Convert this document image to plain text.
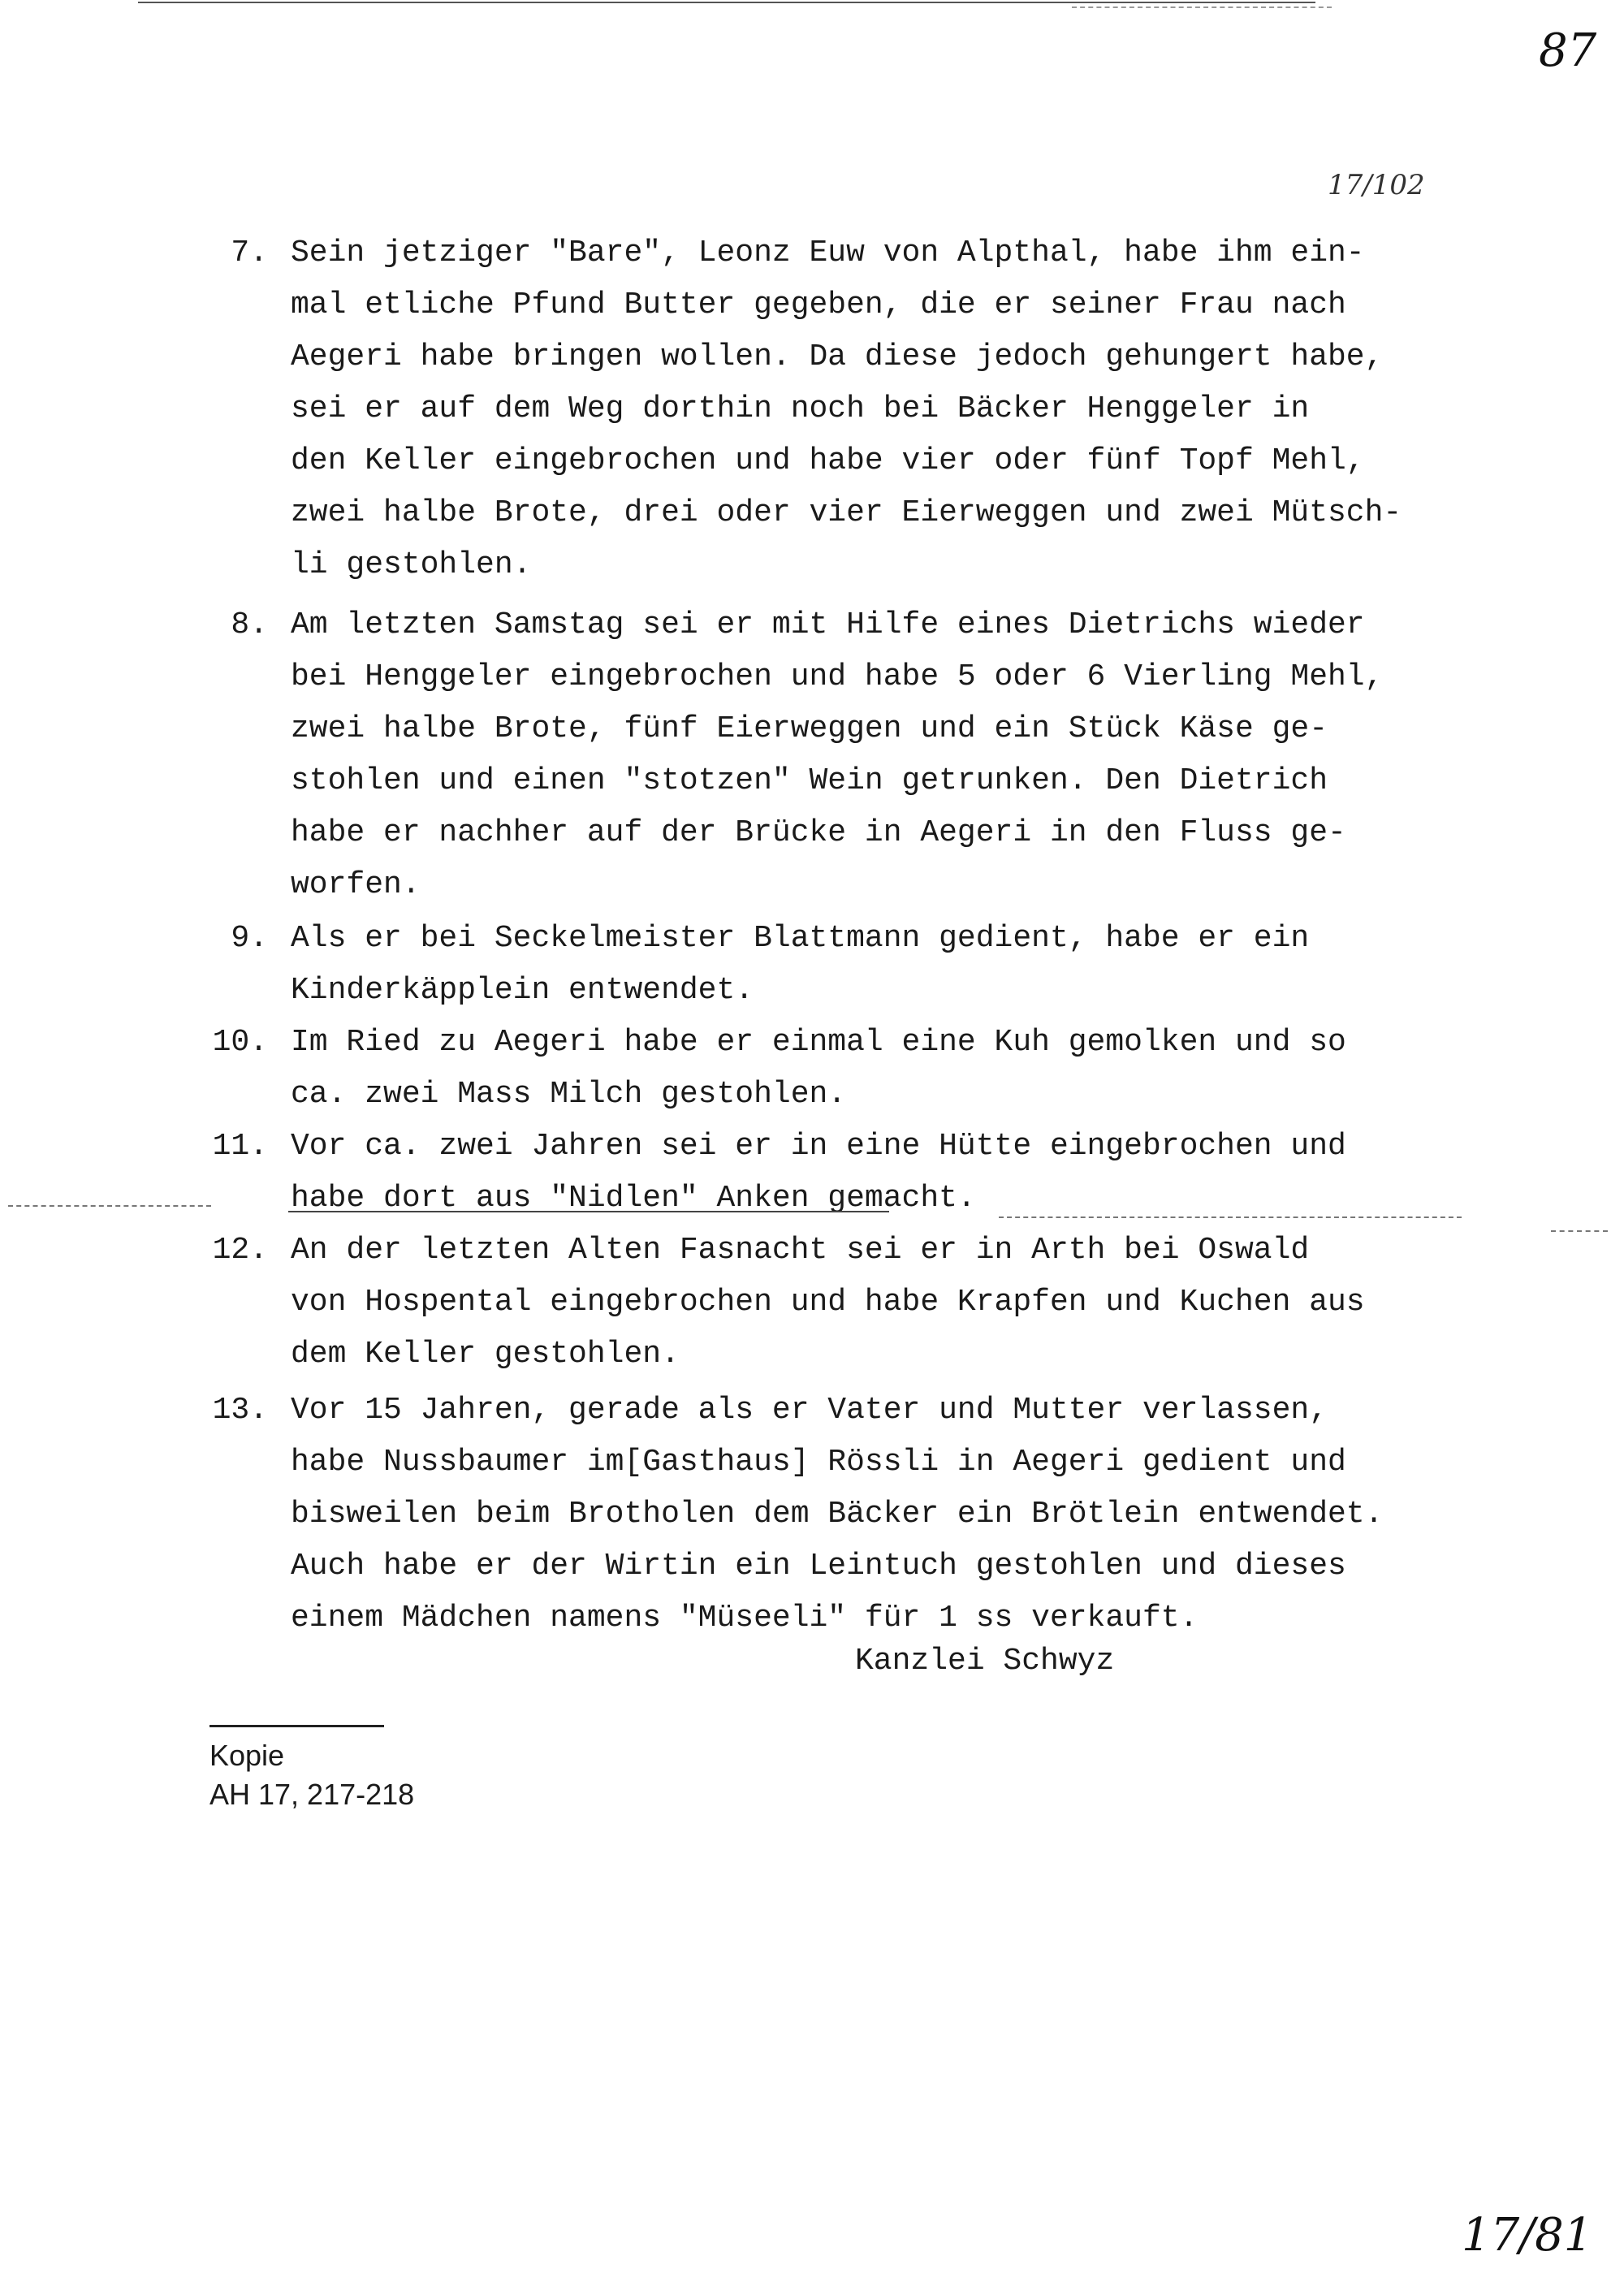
87
17/102
7. Sein jetziger "Bare", Leonz Euw von Alpthal, habe ihm ein-
mal etliche Pfund Butter gegeben, die er seiner Frau nach
Aegeri habe bringen wollen. Da diese jedoch gehungert habe,
sei er auf dem Weg dorthin noch bei Bäcker Henggeler in
den Keller eingebrochen und habe vier oder fünf Topf Mehl,
zwei halbe Brote, drei oder vier Eierweggen und zwei Mütsch-
li gestohlen.
8. Am letzten Samstag sei er mit Hilfe eines Dietrichs wieder
bei Henggeler eingebrochen und habe 5 oder 6 Vierling Mehl,
zwei halbe Brote, fünf Eierweggen und ein Stück Käse ge-
stohlen und einen "stotzen" Wein getrunken. Den Dietrich
habe er nachher auf der Brücke in Aegeri in den Fluss ge-
worfen.
9. Als er bei Seckelmeister Blattmann gedient, habe er ein
Kinderkäpplein entwendet.
10. Im Ried zu Aegeri habe er einmal eine Kuh gemolken und so
ca. zwei Mass Milch gestohlen.
11. Vor ca. zwei Jahren sei er in eine Hütte eingebrochen und
habe dort aus "Nidlen" Anken gemacht.
12. An der letzten Alten Fasnacht sei er in Arth bei Oswald
von Hospental eingebrochen und habe Krapfen und Kuchen aus
dem Keller gestohlen.
13. Vor 15 Jahren, gerade als er Vater und Mutter verlassen,
habe Nussbaumer im[Gasthaus] Rössli in Aegeri gedient und
bisweilen beim Brotholen dem Bäcker ein Brötlein entwendet.
Auch habe er der Wirtin ein Leintuch gestohlen und dieses
einem Mädchen namens "Müseeli" für 1 ss verkauft.
Kanzlei Schwyz
Kopie
AH 17, 217-218
17/81
